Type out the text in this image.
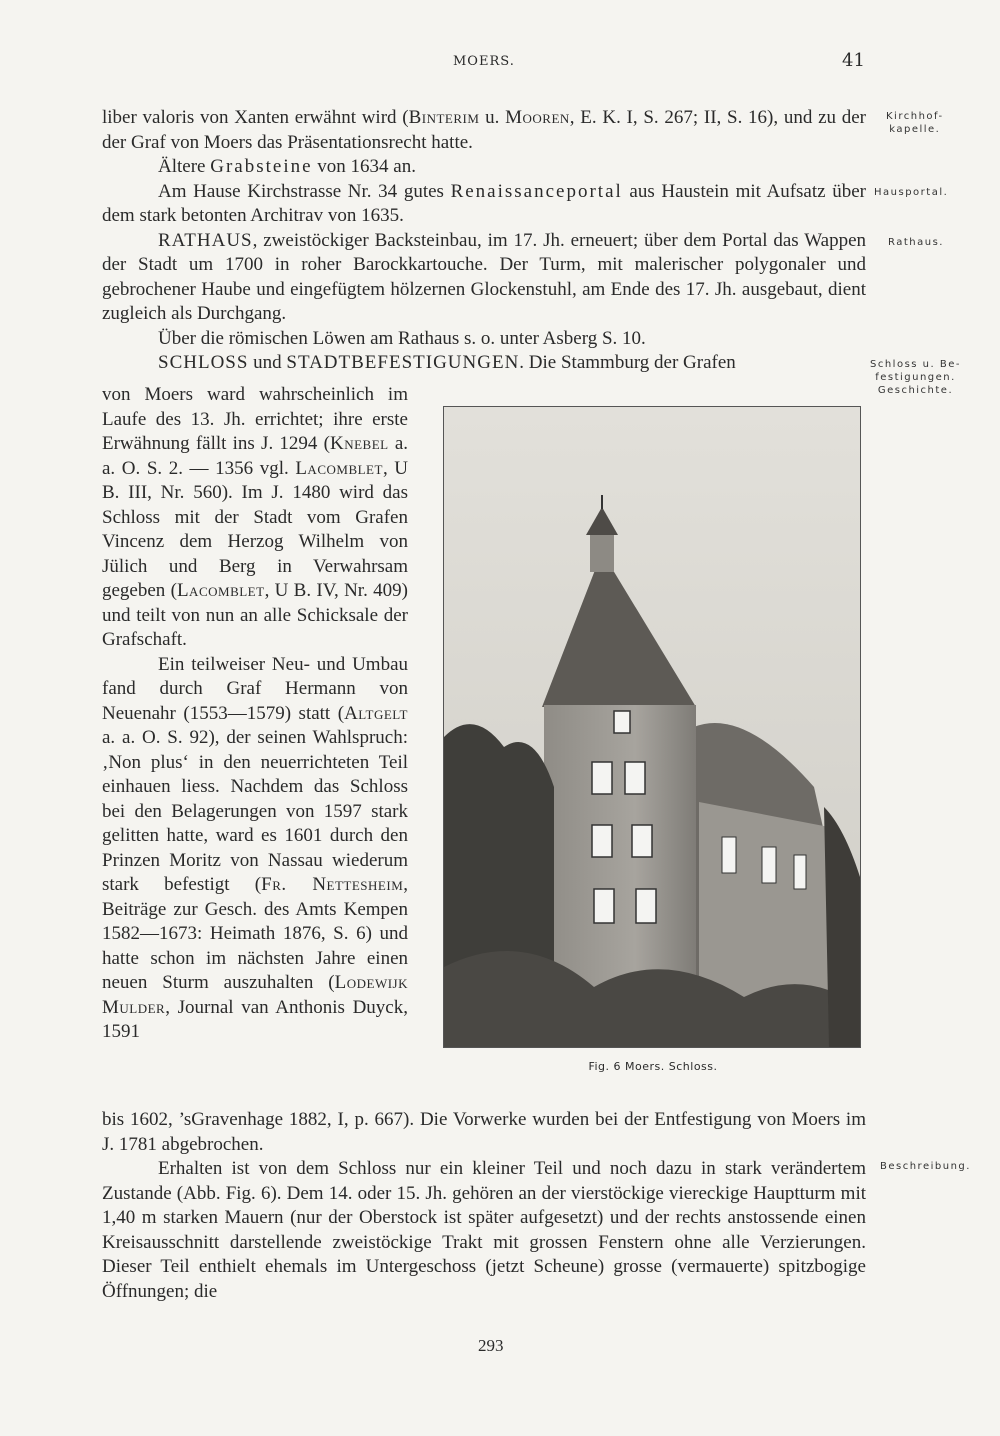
MOERS.	41

liber valoris von Xanten erwähnt wird (Binterim u. Mooren, E. K. I, S. 267; II, S. 16), und zu der der Graf von Moers das Präsentationsrecht hatte.

Ältere Grabsteine von 1634 an.

Am Hause Kirchstrasse Nr. 34 gutes Renaissanceportal aus Haustein mit Aufsatz über dem stark betonten Architrav von 1635.

RATHAUS, zweistöckiger Backsteinbau, im 17. Jh. erneuert; über dem Portal das Wappen der Stadt um 1700 in roher Barockkartouche. Der Turm, mit malerischer polygonaler und gebrochener Haube und eingefügtem hölzernen Glockenstuhl, am Ende des 17. Jh. ausgebaut, dient zugleich als Durchgang.

Über die römischen Löwen am Rathaus s. o. unter Asberg S. 10.

SCHLOSS und STADTBEFESTIGUNGEN. Die Stammburg der Grafen

von Moers ward wahrscheinlich im Laufe des 13. Jh. errichtet; ihre erste Erwähnung fällt ins J. 1294 (Knebel a. a. O. S. 2. — 1356 vgl. Lacomblet, U B. III, Nr. 560). Im J. 1480 wird das Schloss mit der Stadt vom Grafen Vincenz dem Herzog Wilhelm von Jülich und Berg in Verwahrsam gegeben (Lacomblet, U B. IV, Nr. 409) und teilt von nun an alle Schicksale der Grafschaft.

Ein teilweiser Neu- und Umbau fand durch Graf Hermann von Neuenahr (1553—1579) statt (Altgelt a. a. O. S. 92), der seinen Wahlspruch: ‚Non plus‘ in den neuerrichteten Teil einhauen liess. Nachdem das Schloss bei den Belagerungen von 1597 stark gelitten hatte, ward es 1601 durch den Prinzen Moritz von Nassau wiederum stark befestigt (Fr. Nettesheim, Beiträge zur Gesch. des Amts Kempen 1582—1673: Heimath 1876, S. 6) und hatte schon im nächsten Jahre einen neuen Sturm auszuhalten (Lodewijk Mulder, Journal van Anthonis Duyck, 1591

bis 1602, ’sGravenhage 1882, I, p. 667). Die Vorwerke wurden bei der Entfestigung von Moers im J. 1781 abgebrochen.

Erhalten ist von dem Schloss nur ein kleiner Teil und noch dazu in stark verändertem Zustande (Abb. Fig. 6). Dem 14. oder 15. Jh. gehören an der vierstöckige viereckige Hauptturm mit 1,40 m starken Mauern (nur der Oberstock ist später aufgesetzt) und der rechts anstossende einen Kreisausschnitt darstellende zweistöckige Trakt mit grossen Fenstern ohne alle Verzierungen. Dieser Teil enthielt ehemals im Untergeschoss (jetzt Scheune) grosse (vermauerte) spitzbogige Öffnungen; die

Kirchhof-
kapelle.
Hausportal.
Rathaus.
Schloss u. Be-
festigungen.
Geschichte.
Beschreibung.
Fig. 6 Moers. Schloss.
293
